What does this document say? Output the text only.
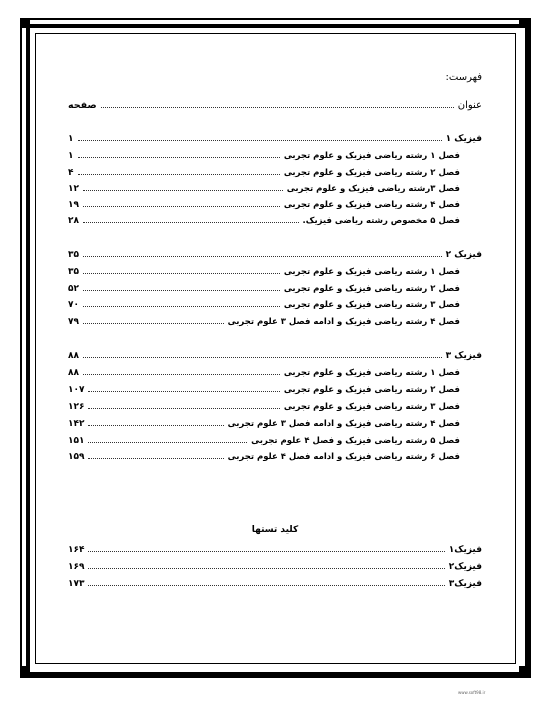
فهرست:
عنوان
صفحه
فیزیک ۱
۱
فصل ۱ رشته ریاضی فیزیک و علوم تجربی
۱
فصل ۲ رشته ریاضی فیزیک و علوم تجربی
۴
فصل ۳رشته ریاضی فیزیک و علوم تجربی
۱۲
فصل ۴ رشته ریاضی فیزیک و علوم تجربی
۱۹
فصل ۵ مخصوص رشته ریاضی فیزیک.
۲۸
فیزیک ۲
۳۵
فصل ۱ رشته ریاضی فیزیک و علوم تجربی
۳۵
فصل ۲ رشته ریاضی فیزیک و علوم تجربی
۵۲
فصل ۳ رشته ریاضی فیزیک و علوم تجربی
۷۰
فصل ۴ رشته ریاضی فیزیک و ادامه فصل ۳ علوم تجربی
۷۹
فیزیک ۳
۸۸
فصل ۱ رشته ریاضی فیزیک و علوم تجربی
۸۸
فصل ۲ رشته ریاضی فیزیک و علوم تجربی
۱۰۷
فصل ۳ رشته ریاضی فیزیک و علوم تجربی
۱۲۶
فصل ۴ رشته ریاضی فیزیک و ادامه فصل ۳ علوم تجربی
۱۴۲
فصل ۵ رشته ریاضی فیزیک و فصل ۴ علوم تجربی
۱۵۱
فصل ۶ رشته ریاضی فیزیک و ادامه فصل ۴ علوم تجربی
۱۵۹
کلید تستها
فیزیک۱
۱۶۴
فیزیک۲
۱۶۹
فیزیک۳
۱۷۳
www.soft98.ir
